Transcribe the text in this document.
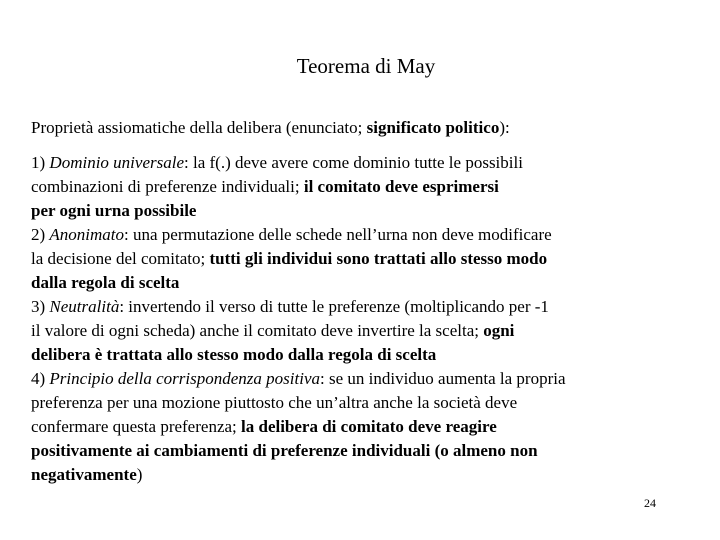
Teorema di May
Proprietà assiomatiche della delibera (enunciato; significato politico):
1) Dominio universale: la f(.) deve avere come dominio tutte le possibili
combinazioni di preferenze individuali; il comitato deve esprimersi
per ogni urna possibile
2) Anonimato: una permutazione delle schede nell’urna non deve modificare
la decisione del comitato; tutti gli individui sono trattati allo stesso modo
dalla regola di scelta
3) Neutralità: invertendo il verso di tutte le preferenze (moltiplicando per -1
il valore di ogni scheda) anche il comitato deve invertire la scelta; ogni
delibera è trattata allo stesso modo dalla regola di scelta
4) Principio della corrispondenza positiva: se un individuo aumenta la propria
preferenza per una mozione piuttosto che un’altra anche la società deve
confermare questa preferenza; la delibera di comitato deve reagire
positivamente ai cambiamenti di preferenze individuali (o almeno non
negativamente)
24
